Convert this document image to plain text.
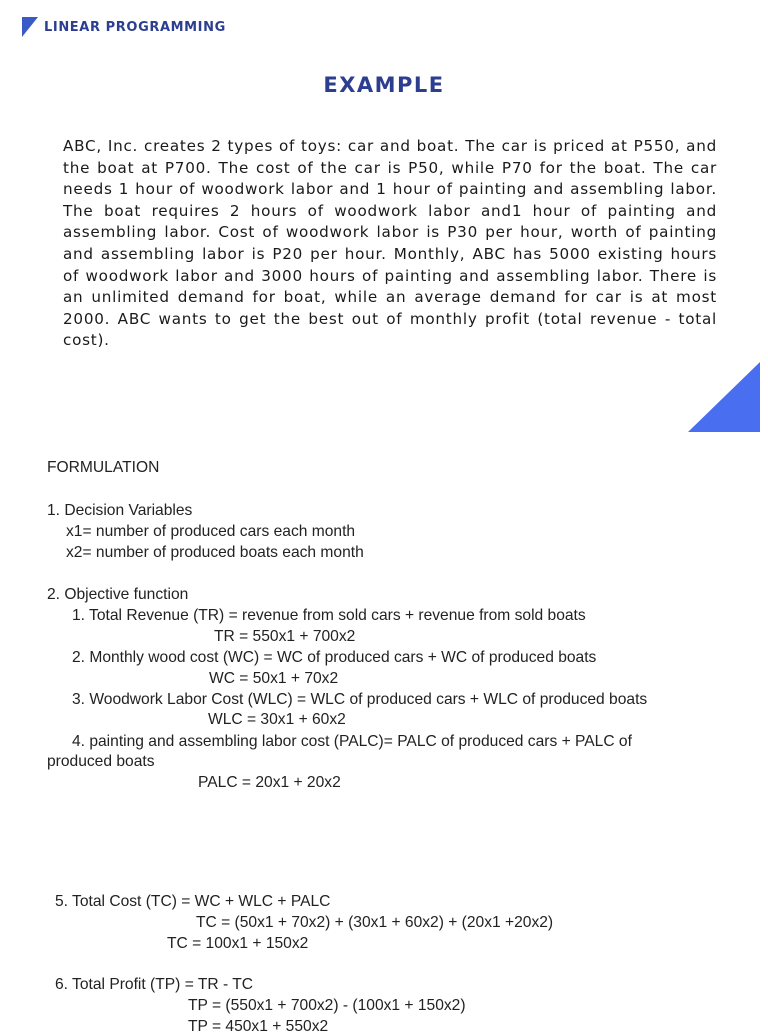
LINEAR PROGRAMMING
EXAMPLE
ABC, Inc. creates 2 types of toys: car and boat. The car is priced at P550, and the boat at P700. The cost of the car is P50, while P70 for the boat. The car needs 1 hour of woodwork labor and 1 hour of painting and assembling labor. The boat requires 2 hours of woodwork labor and1 hour of painting and assembling labor. Cost of woodwork labor is P30 per hour, worth of painting and assembling labor is P20 per hour. Monthly, ABC has 5000 existing hours of woodwork labor and 3000 hours of painting and assembling labor. There is an unlimited demand for boat, while an average demand for car is at most 2000. ABC wants to get the best out of monthly profit (total revenue - total cost).
FORMULATION
1. Decision Variables
x1= number of produced cars each month
x2= number of produced boats each month
2. Objective function
1. Total Revenue (TR) = revenue from sold cars + revenue from sold boats
TR = 550x1 + 700x2
2. Monthly wood cost (WC) = WC of produced cars + WC of produced boats
WC = 50x1 + 70x2
3. Woodwork Labor Cost (WLC) = WLC of produced cars + WLC of produced boats
WLC = 30x1 + 60x2
4. painting and assembling labor cost (PALC)= PALC of produced cars + PALC of
produced boats
PALC = 20x1 + 20x2
5. Total Cost (TC) = WC + WLC + PALC
TC = (50x1 + 70x2) + (30x1 + 60x2) + (20x1 +20x2)
TC = 100x1 + 150x2
6. Total Profit (TP) = TR - TC
TP = (550x1 + 700x2) - (100x1 + 150x2)
TP = 450x1 + 550x2
